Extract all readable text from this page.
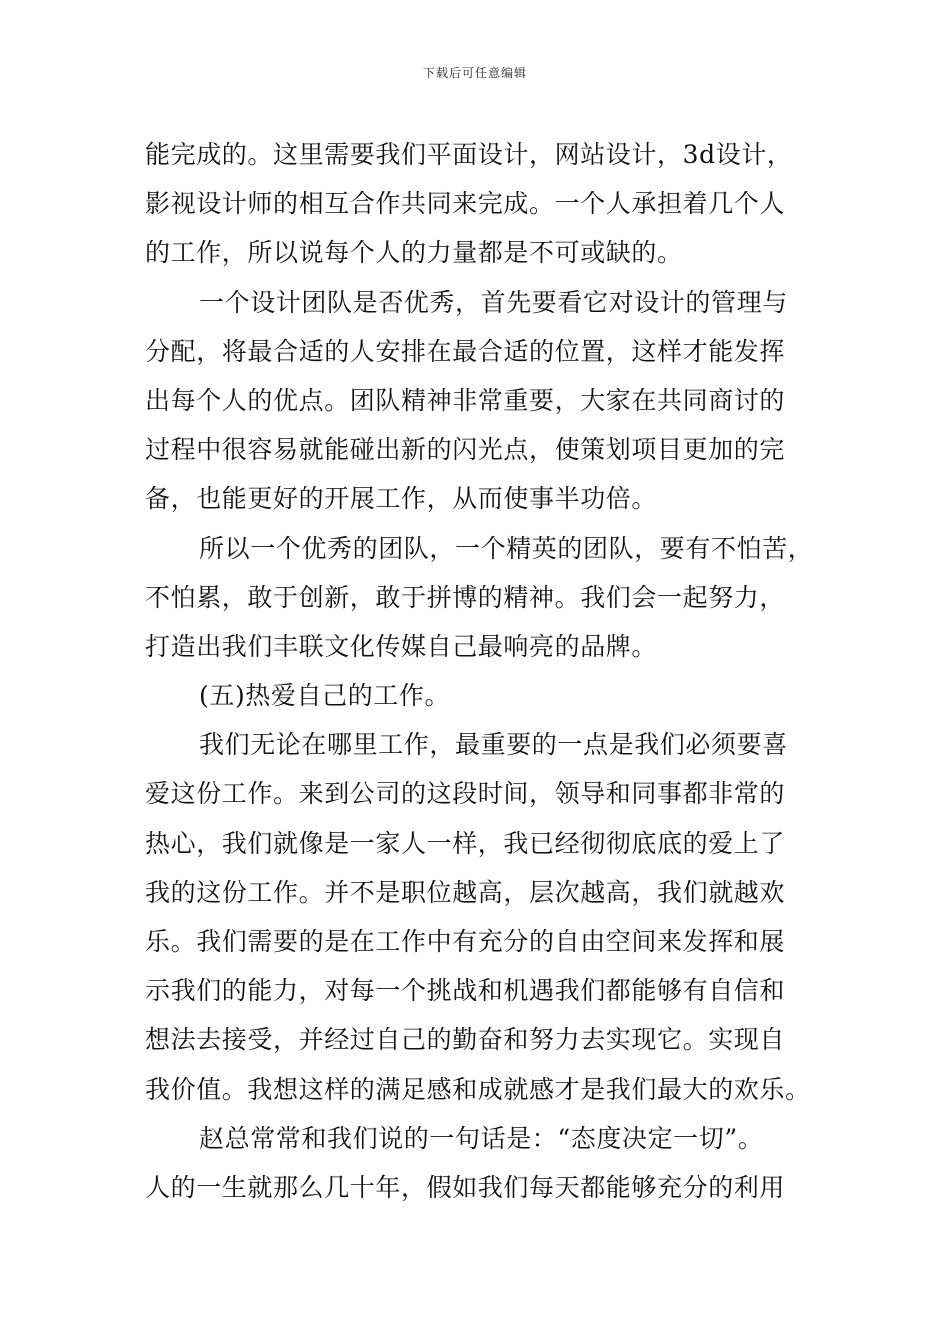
下载后可任意编辑
能完成的。这里需要我们平面设计，网站设计，3d设计，
影视设计师的相互合作共同来完成。一个人承担着几个人
的工作，所以说每个人的力量都是不可或缺的。
一个设计团队是否优秀，首先要看它对设计的管理与
分配，将最合适的人安排在最合适的位置，这样才能发挥
出每个人的优点。团队精神非常重要，大家在共同商讨的
过程中很容易就能碰出新的闪光点，使策划项目更加的完
备，也能更好的开展工作，从而使事半功倍。
所以一个优秀的团队，一个精英的团队，要有不怕苦，
不怕累，敢于创新，敢于拼博的精神。我们会一起努力，
打造出我们丰联文化传媒自己最响亮的品牌。
(五)热爱自己的工作。
我们无论在哪里工作，最重要的一点是我们必须要喜
爱这份工作。来到公司的这段时间，领导和同事都非常的
热心，我们就像是一家人一样，我已经彻彻底底的爱上了
我的这份工作。并不是职位越高，层次越高，我们就越欢
乐。我们需要的是在工作中有充分的自由空间来发挥和展
示我们的能力，对每一个挑战和机遇我们都能够有自信和
想法去接受，并经过自己的勤奋和努力去实现它。实现自
我价值。我想这样的满足感和成就感才是我们最大的欢乐。
赵总常常和我们说的一句话是：“态度决定一切”。
人的一生就那么几十年，假如我们每天都能够充分的利用
